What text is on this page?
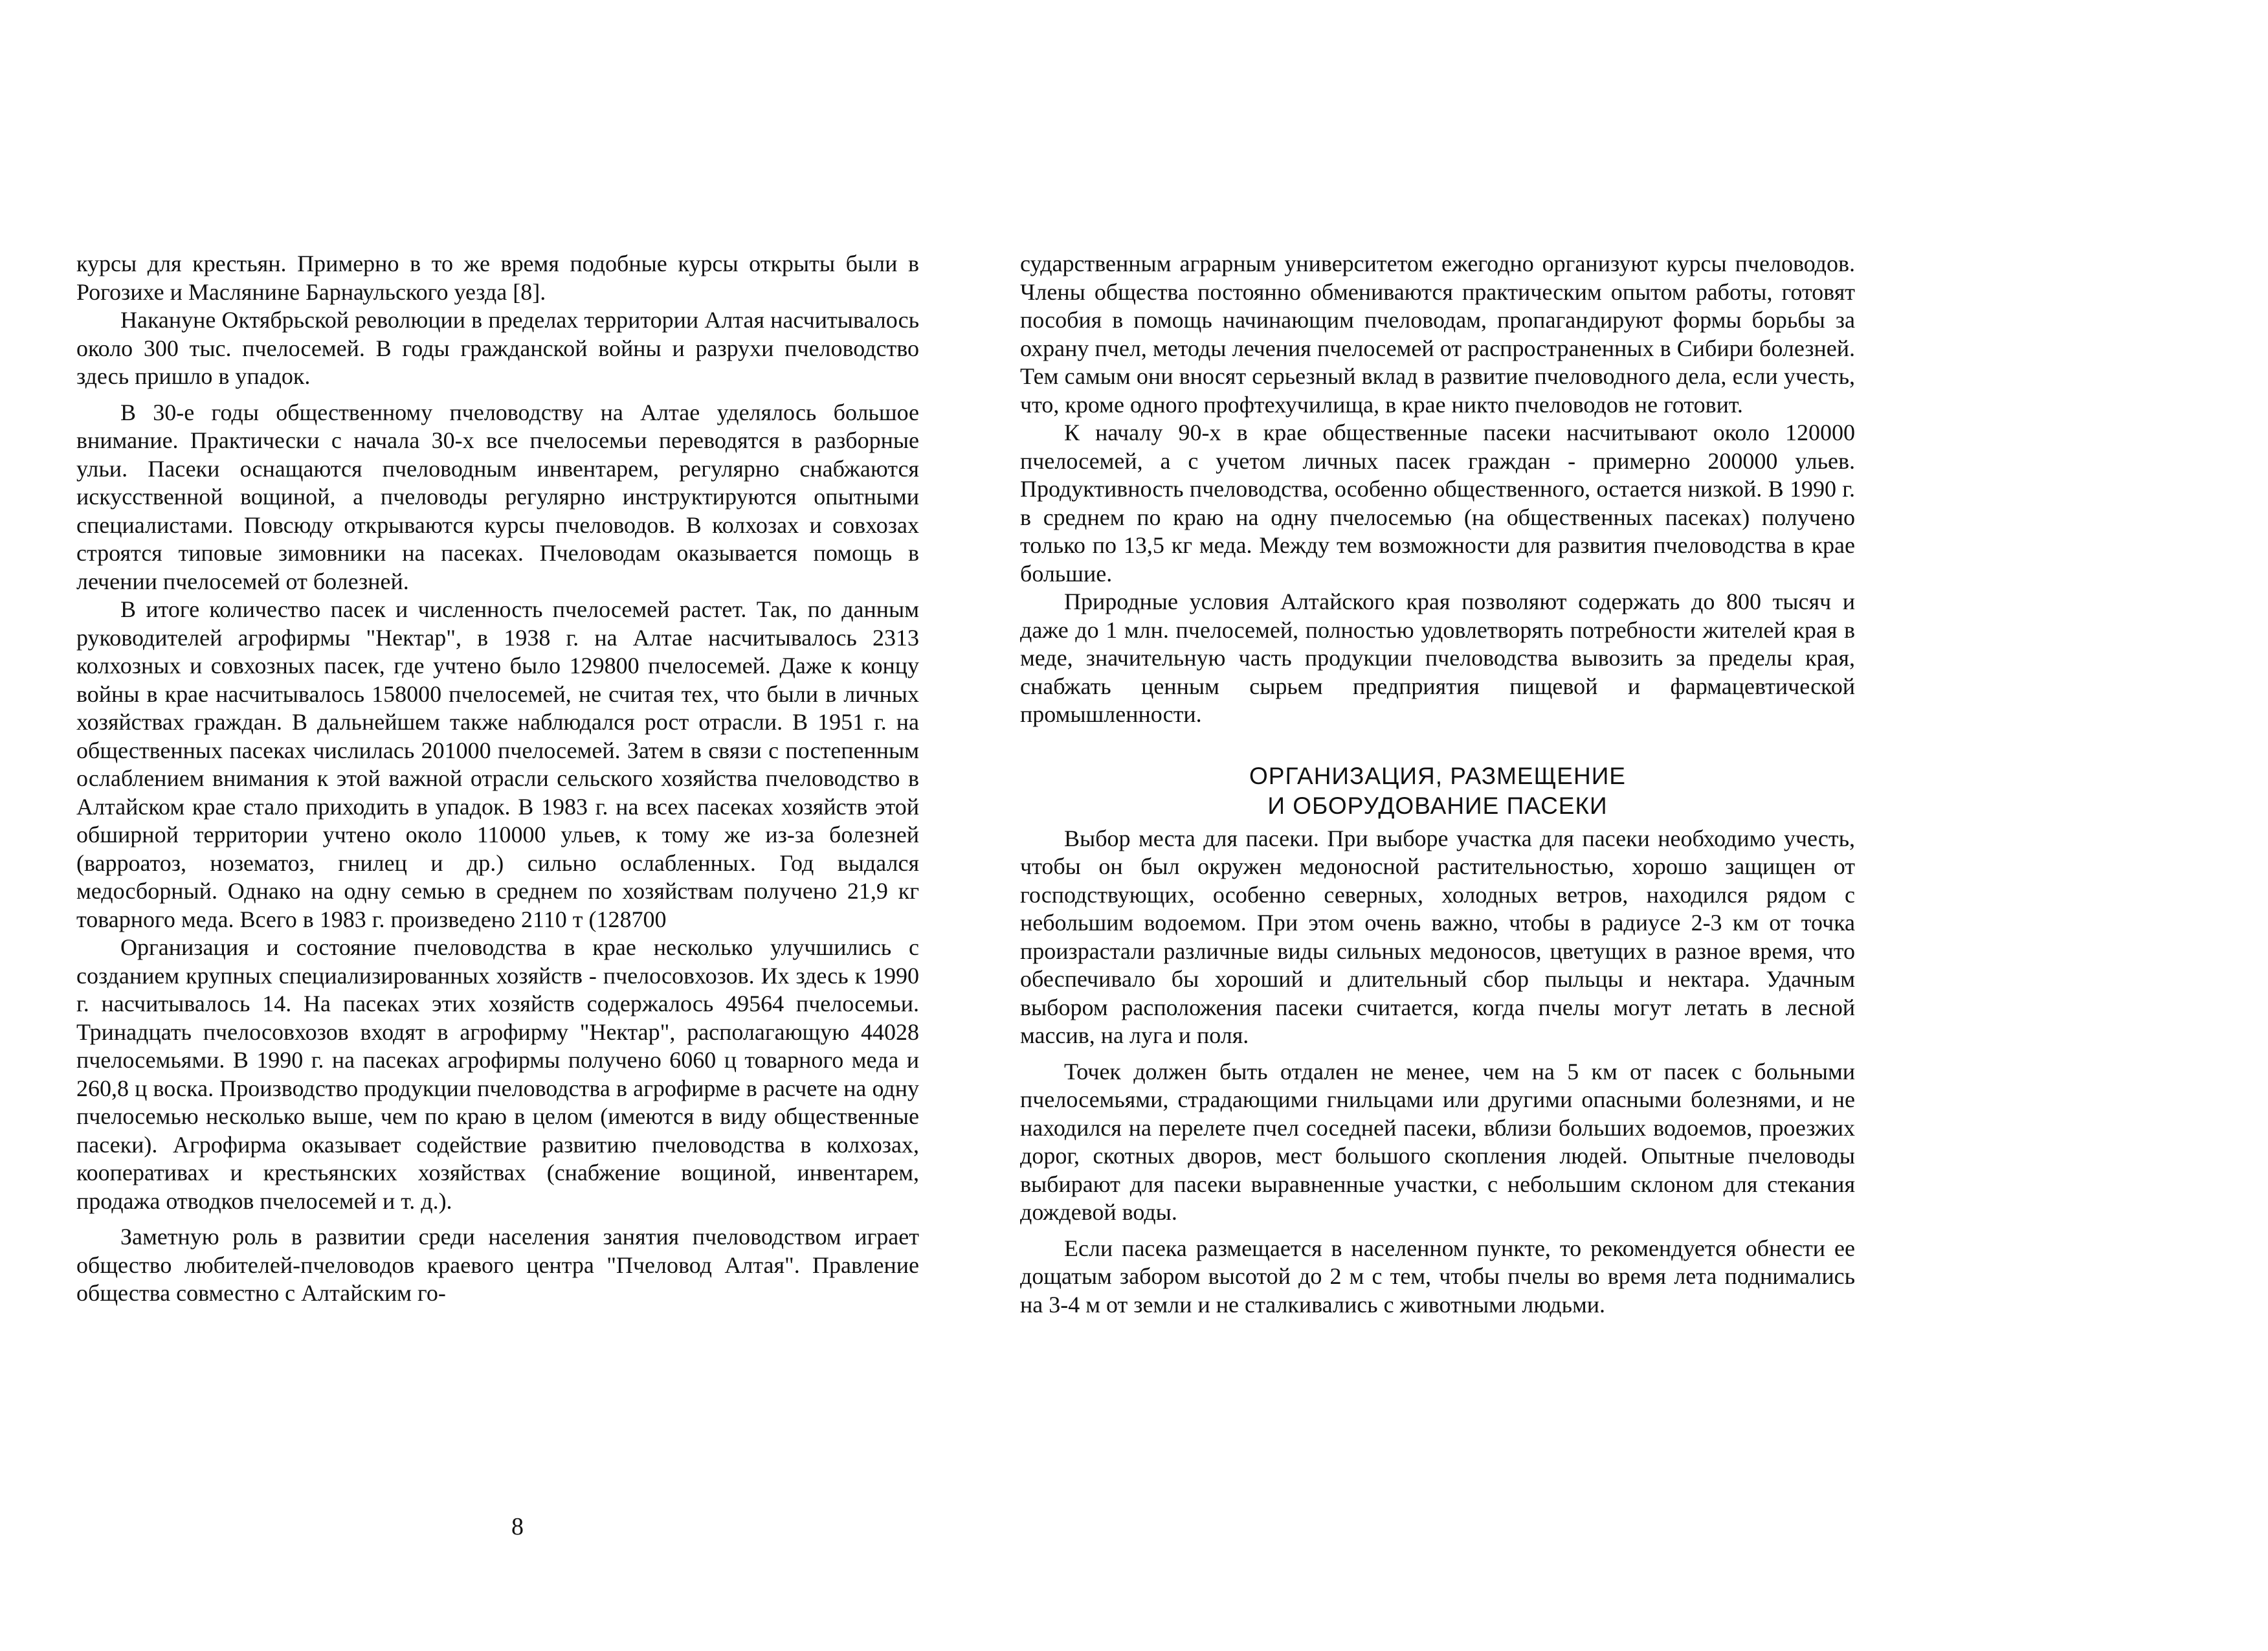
курсы для крестьян. Примерно в то же время подобные курсы открыты были в Рогозихе и Маслянине Барнаульского уезда [8].

Накануне Октябрьской революции в пределах территории Алтая насчитывалось около 300 тыс. пчелосемей. В годы гражданской войны и разрухи пчеловодство здесь пришло в упадок.

В 30-е годы общественному пчеловодству на Алтае уделялось большое внимание. Практически с начала 30-х все пчелосемьи переводятся в разборные ульи. Пасеки оснащаются пчеловодным инвентарем, регулярно снабжаются искусственной вощиной, а пчеловоды регулярно инструктируются опытными специалистами. Повсюду открываются курсы пчеловодов. В колхозах и совхозах строятся типовые зимовники на пасеках. Пчеловодам оказывается помощь в лечении пчелосемей от болезней.

В итоге количество пасек и численность пчелосемей растет. Так, по данным руководителей агрофирмы "Нектар", в 1938 г. на Алтае насчитывалось 2313 колхозных и совхозных пасек, где учтено было 129800 пчелосемей. Даже к концу войны в крае насчитывалось 158000 пчелосемей, не считая тех, что были в личных хозяйствах граждан. В дальнейшем также наблюдался рост отрасли. В 1951 г. на общественных пасеках числилась 201000 пчелосемей. Затем в связи с постепенным ослаблением внимания к этой важной отрасли сельского хозяйства пчеловодство в Алтайском крае стало приходить в упадок. В 1983 г. на всех пасеках хозяйств этой обширной территории учтено около 110000 ульев, к тому же из-за болезней (варроатоз, нозематоз, гнилец и др.) сильно ослабленных. Год выдался медосборный. Однако на одну семью в среднем по хозяйствам получено 21,9 кг товарного меда. Всего в 1983 г. произведено 2110 т (128700

Организация и состояние пчеловодства в крае несколько улучшились с созданием крупных специализированных хозяйств - пчелосовхозов. Их здесь к 1990 г. насчитывалось 14. На пасеках этих хозяйств содержалось 49564 пчелосемьи. Тринадцать пчелосовхозов входят в агрофирму "Нектар", располагающую 44028 пчелосемьями. В 1990 г. на пасеках агрофирмы получено 6060 ц товарного меда и 260,8 ц воска. Производство продукции пчеловодства в агрофирме в расчете на одну пчелосемью несколько выше, чем по краю в целом (имеются в виду общественные пасеки). Агрофирма оказывает содействие развитию пчеловодства в колхозах, кооперативах и крестьянских хозяйствах (снабжение вощиной, инвентарем, продажа отводков пчелосемей и т. д.).

Заметную роль в развитии среди населения занятия пчеловодством играет общество любителей-пчеловодов краевого центра "Пчеловод Алтая". Правление общества совместно с Алтайским го-

сударственным аграрным университетом ежегодно организуют курсы пчеловодов. Члены общества постоянно обмениваются практическим опытом работы, готовят пособия в помощь начинающим пчеловодам, пропагандируют формы борьбы за охрану пчел, методы лечения пчелосемей от распространенных в Сибири болезней. Тем самым они вносят серьезный вклад в развитие пчеловодного дела, если учесть, что, кроме одного профтехучилища, в крае никто пчеловодов не готовит.

К началу 90-х в крае общественные пасеки насчитывают около 120000 пчелосемей, а с учетом личных пасек граждан - примерно 200000 ульев. Продуктивность пчеловодства, особенно общественного, остается низкой. В 1990 г. в среднем по краю на одну пчелосемью (на общественных пасеках) получено только по 13,5 кг меда. Между тем возможности для развития пчеловодства в крае большие.

Природные условия Алтайского края позволяют содержать до 800 тысяч и даже до 1 млн. пчелосемей, полностью удовлетворять потребности жителей края в меде, значительную часть продукции пчеловодства вывозить за пределы края, снабжать ценным сырьем предприятия пищевой и фармацевтической промышленности.

ОРГАНИЗАЦИЯ, РАЗМЕЩЕНИЕ
И ОБОРУДОВАНИЕ ПАСЕКИ

Выбор места для пасеки. При выборе участка для пасеки необходимо учесть, чтобы он был окружен медоносной растительностью, хорошо защищен от господствующих, особенно северных, холодных ветров, находился рядом с небольшим водоемом. При этом очень важно, чтобы в радиусе 2-3 км от точка произрастали различные виды сильных медоносов, цветущих в разное время, что обеспечивало бы хороший и длительный сбор пыльцы и нектара. Удачным выбором расположения пасеки считается, когда пчелы могут летать в лесной массив, на луга и поля.

Точек должен быть отдален не менее, чем на 5 км от пасек с больными пчелосемьями, страдающими гнильцами или другими опасными болезнями, и не находился на перелете пчел соседней пасеки, вблизи больших водоемов, проезжих дорог, скотных дворов, мест большого скопления людей. Опытные пчеловоды выбирают для пасеки выравненные участки, с небольшим склоном для стекания дождевой воды.

Если пасека размещается в населенном пункте, то рекомендуется обнести ее дощатым забором высотой до 2 м с тем, чтобы пчелы во время лета поднимались на 3-4 м от земли и не сталкивались с животными людьми.

8
